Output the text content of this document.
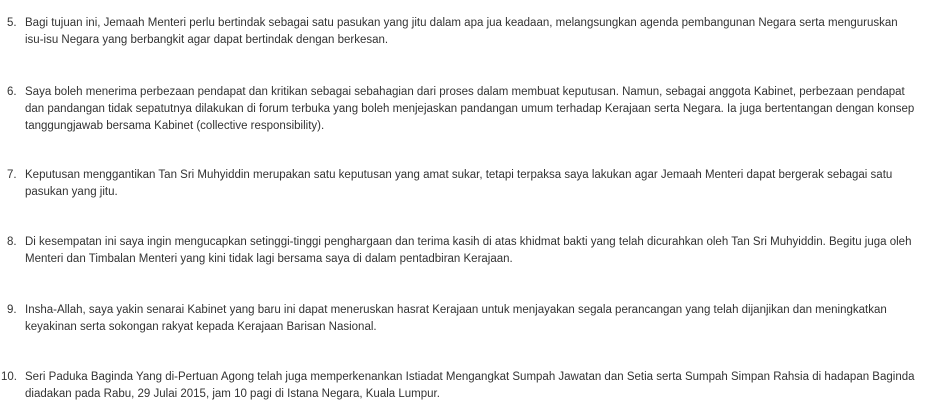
5. Bagi tujuan ini, Jemaah Menteri perlu bertindak sebagai satu pasukan yang jitu dalam apa jua keadaan, melangsungkan agenda pembangunan Negara serta menguruskan
isu-isu Negara yang berbangkit agar dapat bertindak dengan berkesan.
6. Saya boleh menerima perbezaan pendapat dan kritikan sebagai sebahagian dari proses dalam membuat keputusan. Namun, sebagai anggota Kabinet, perbezaan pendapat
dan pandangan tidak sepatutnya dilakukan di forum terbuka yang boleh menjejaskan pandangan umum terhadap Kerajaan serta Negara. Ia juga bertentangan dengan konsep
tanggungjawab bersama Kabinet (collective responsibility).
7. Keputusan menggantikan Tan Sri Muhyiddin merupakan satu keputusan yang amat sukar, tetapi terpaksa saya lakukan agar Jemaah Menteri dapat bergerak sebagai satu
pasukan yang jitu.
8. Di kesempatan ini saya ingin mengucapkan setinggi-tinggi penghargaan dan terima kasih di atas khidmat bakti yang telah dicurahkan oleh Tan Sri Muhyiddin. Begitu juga oleh
Menteri dan Timbalan Menteri yang kini tidak lagi bersama saya di dalam pentadbiran Kerajaan.
9. Insha-Allah, saya yakin senarai Kabinet yang baru ini dapat meneruskan hasrat Kerajaan untuk menjayakan segala perancangan yang telah dijanjikan dan meningkatkan
keyakinan serta sokongan rakyat kepada Kerajaan Barisan Nasional.
10. Seri Paduka Baginda Yang di-Pertuan Agong telah juga memperkenankan Istiadat Mengangkat Sumpah Jawatan dan Setia serta Sumpah Simpan Rahsia di hadapan Baginda
diadakan pada Rabu, 29 Julai 2015, jam 10 pagi di Istana Negara, Kuala Lumpur.
